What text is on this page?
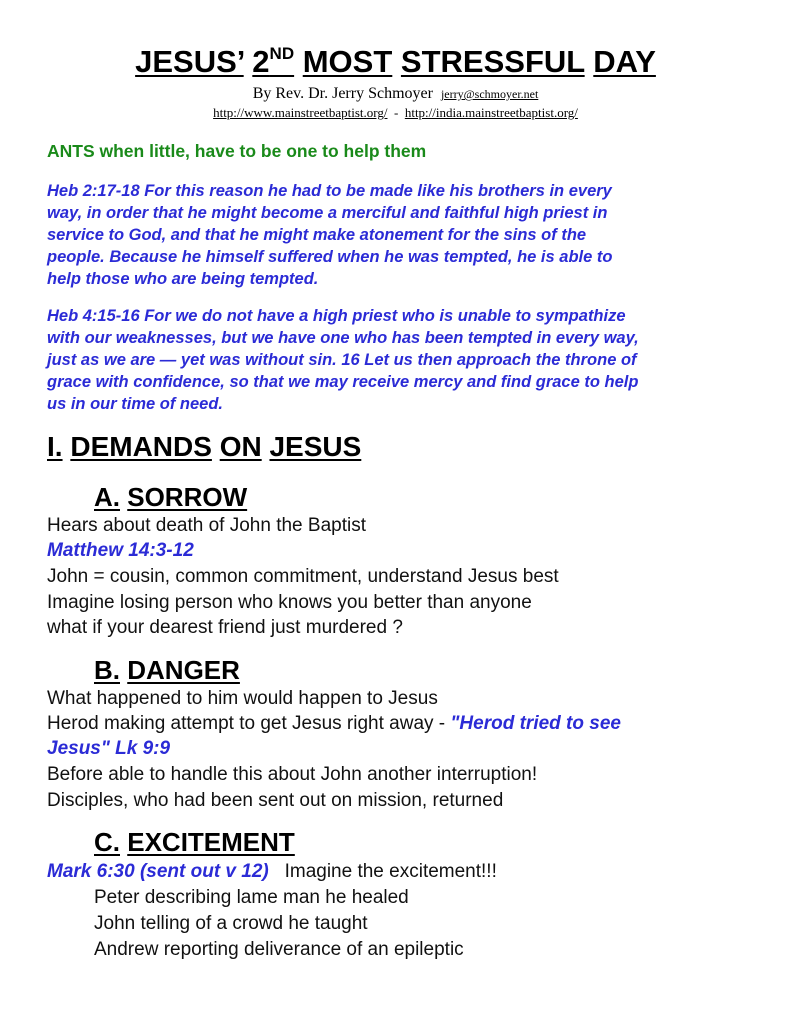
JESUS’ 2ND MOST STRESSFUL DAY
By Rev. Dr. Jerry Schmoyer jerry@schmoyer.net
http://www.mainstreetbaptist.org/ - http://india.mainstreetbaptist.org/
ANTS when little, have to be one to help them
Heb 2:17-18 For this reason he had to be made like his brothers in every
way, in order that he might become a merciful and faithful high priest in
service to God, and that he might make atonement for the sins of the
people. Because he himself suffered when he was tempted, he is able to
help those who are being tempted.
Heb 4:15-16 For we do not have a high priest who is unable to sympathize
with our weaknesses, but we have one who has been tempted in every way,
just as we are — yet was without sin. 16 Let us then approach the throne of
grace with confidence, so that we may receive mercy and find grace to help
us in our time of need.
I. DEMANDS ON JESUS
A. SORROW
Hears about death of John the Baptist
Matthew 14:3-12
John = cousin, common commitment, understand Jesus best
Imagine losing person who knows you better than anyone
what if your dearest friend just murdered ?
B. DANGER
What happened to him would happen to Jesus
Herod making attempt to get Jesus right away - "Herod tried to see
Jesus" Lk 9:9
Before able to handle this about John another interruption!
Disciples, who had been sent out on mission, returned
C. EXCITEMENT
Mark 6:30 (sent out v 12)   Imagine the excitement!!!
Peter describing lame man he healed
John telling of a crowd he taught
Andrew reporting deliverance of an epileptic
